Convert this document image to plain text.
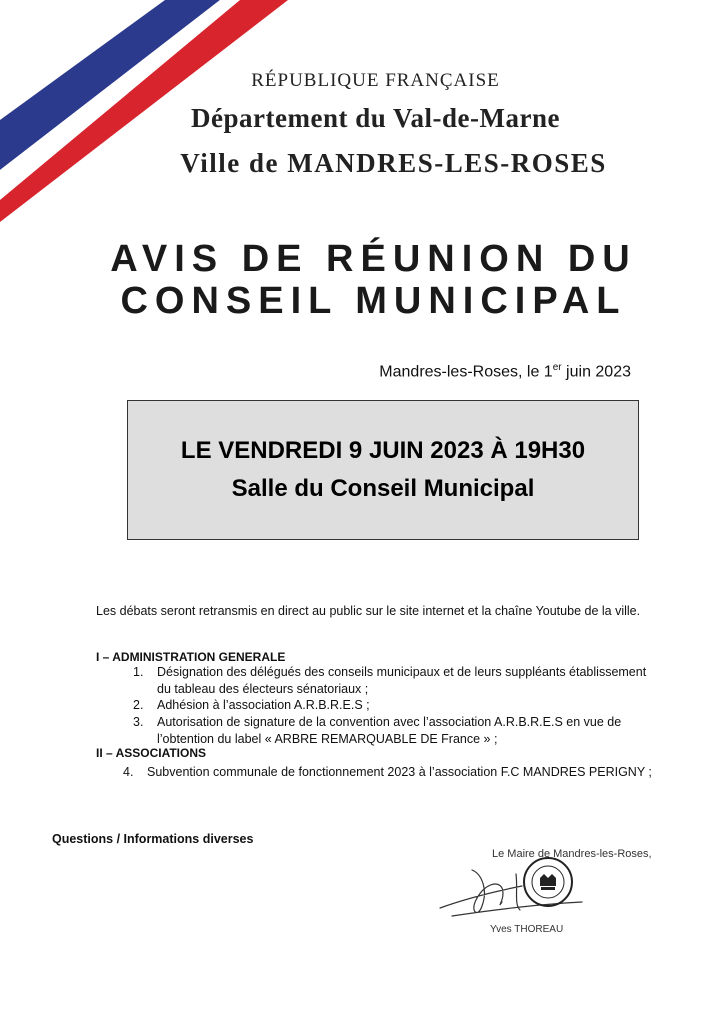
RÉPUBLIQUE FRANÇAISE
Département du Val-de-Marne
Ville de MANDRES-LES-ROSES
AVIS DE RÉUNION DU
CONSEIL MUNICIPAL
Mandres-les-Roses, le 1er juin 2023
LE VENDREDI 9 JUIN 2023 À 19H30
Salle du Conseil Municipal
Les débats seront retransmis en direct au public sur le site internet et la chaîne Youtube de la ville.
I – ADMINISTRATION GENERALE
1. Désignation des délégués des conseils municipaux et de leurs suppléants établissement du tableau des électeurs sénatoriaux ;
2. Adhésion à l’association A.R.B.R.E.S ;
3. Autorisation de signature de la convention avec l’association A.R.B.R.E.S en vue de l’obtention du label « ARBRE REMARQUABLE DE France » ;
II – ASSOCIATIONS
4. Subvention communale de fonctionnement 2023 à l’association F.C MANDRES PERIGNY ;
Questions / Informations diverses
Le Maire de Mandres-les-Roses,
Yves THOREAU
